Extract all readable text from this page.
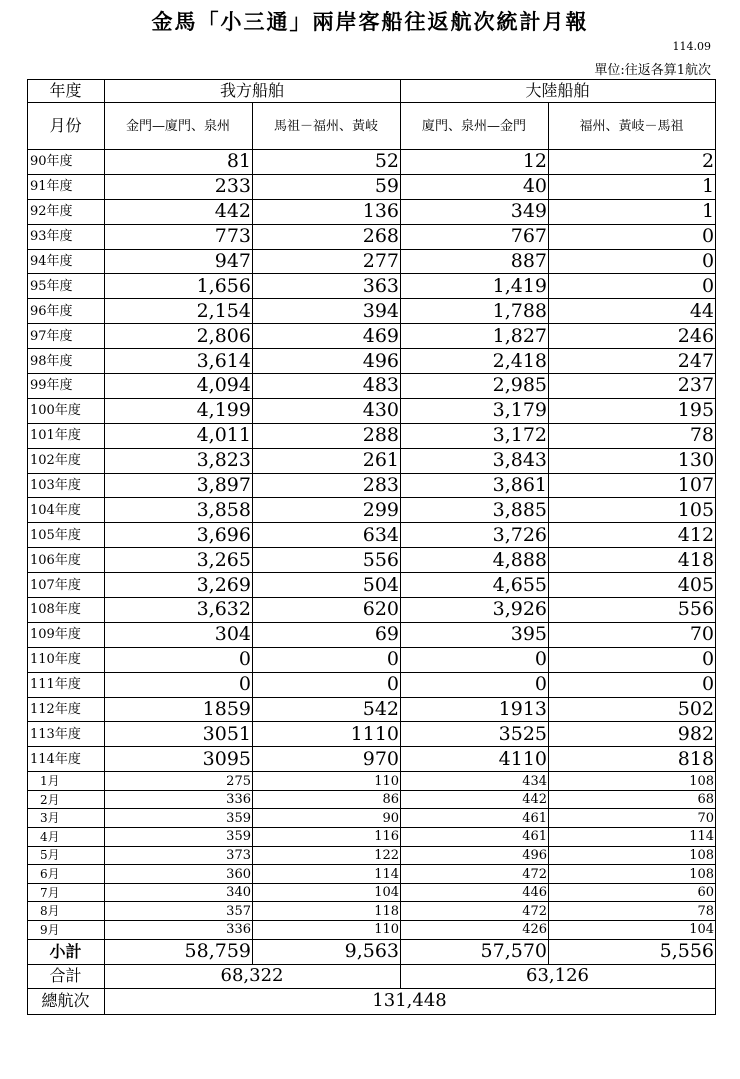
金馬「小三通」兩岸客船往返航次統計月報
114.09
單位:往返各算1航次
年度	我方船舶		大陸船舶	
月份	金門—廈門、泉州	馬祖－福州、黃岐	廈門、泉州—金門	福州、黃岐－馬祖
90年度	81	52	12	2
91年度	233	59	40	1
92年度	442	136	349	1
93年度	773	268	767	0
94年度	947	277	887	0
95年度	1,656	363	1,419	0
96年度	2,154	394	1,788	44
97年度	2,806	469	1,827	246
98年度	3,614	496	2,418	247
99年度	4,094	483	2,985	237
100年度	4,199	430	3,179	195
101年度	4,011	288	3,172	78
102年度	3,823	261	3,843	130
103年度	3,897	283	3,861	107
104年度	3,858	299	3,885	105
105年度	3,696	634	3,726	412
106年度	3,265	556	4,888	418
107年度	3,269	504	4,655	405
108年度	3,632	620	3,926	556
109年度	304	69	395	70
110年度	0	0	0	0
111年度	0	0	0	0
112年度	1859	542	1913	502
113年度	3051	1110	3525	982
114年度	3095	970	4110	818
1月	275	110	434	108
2月	336	86	442	68
3月	359	90	461	70
4月	359	116	461	114
5月	373	122	496	108
6月	360	114	472	108
7月	340	104	446	60
8月	357	118	472	78
9月	336	110	426	104
小計	58,759	9,563	57,570	5,556
合計	68,322		63,126	
總航次	131,448			
